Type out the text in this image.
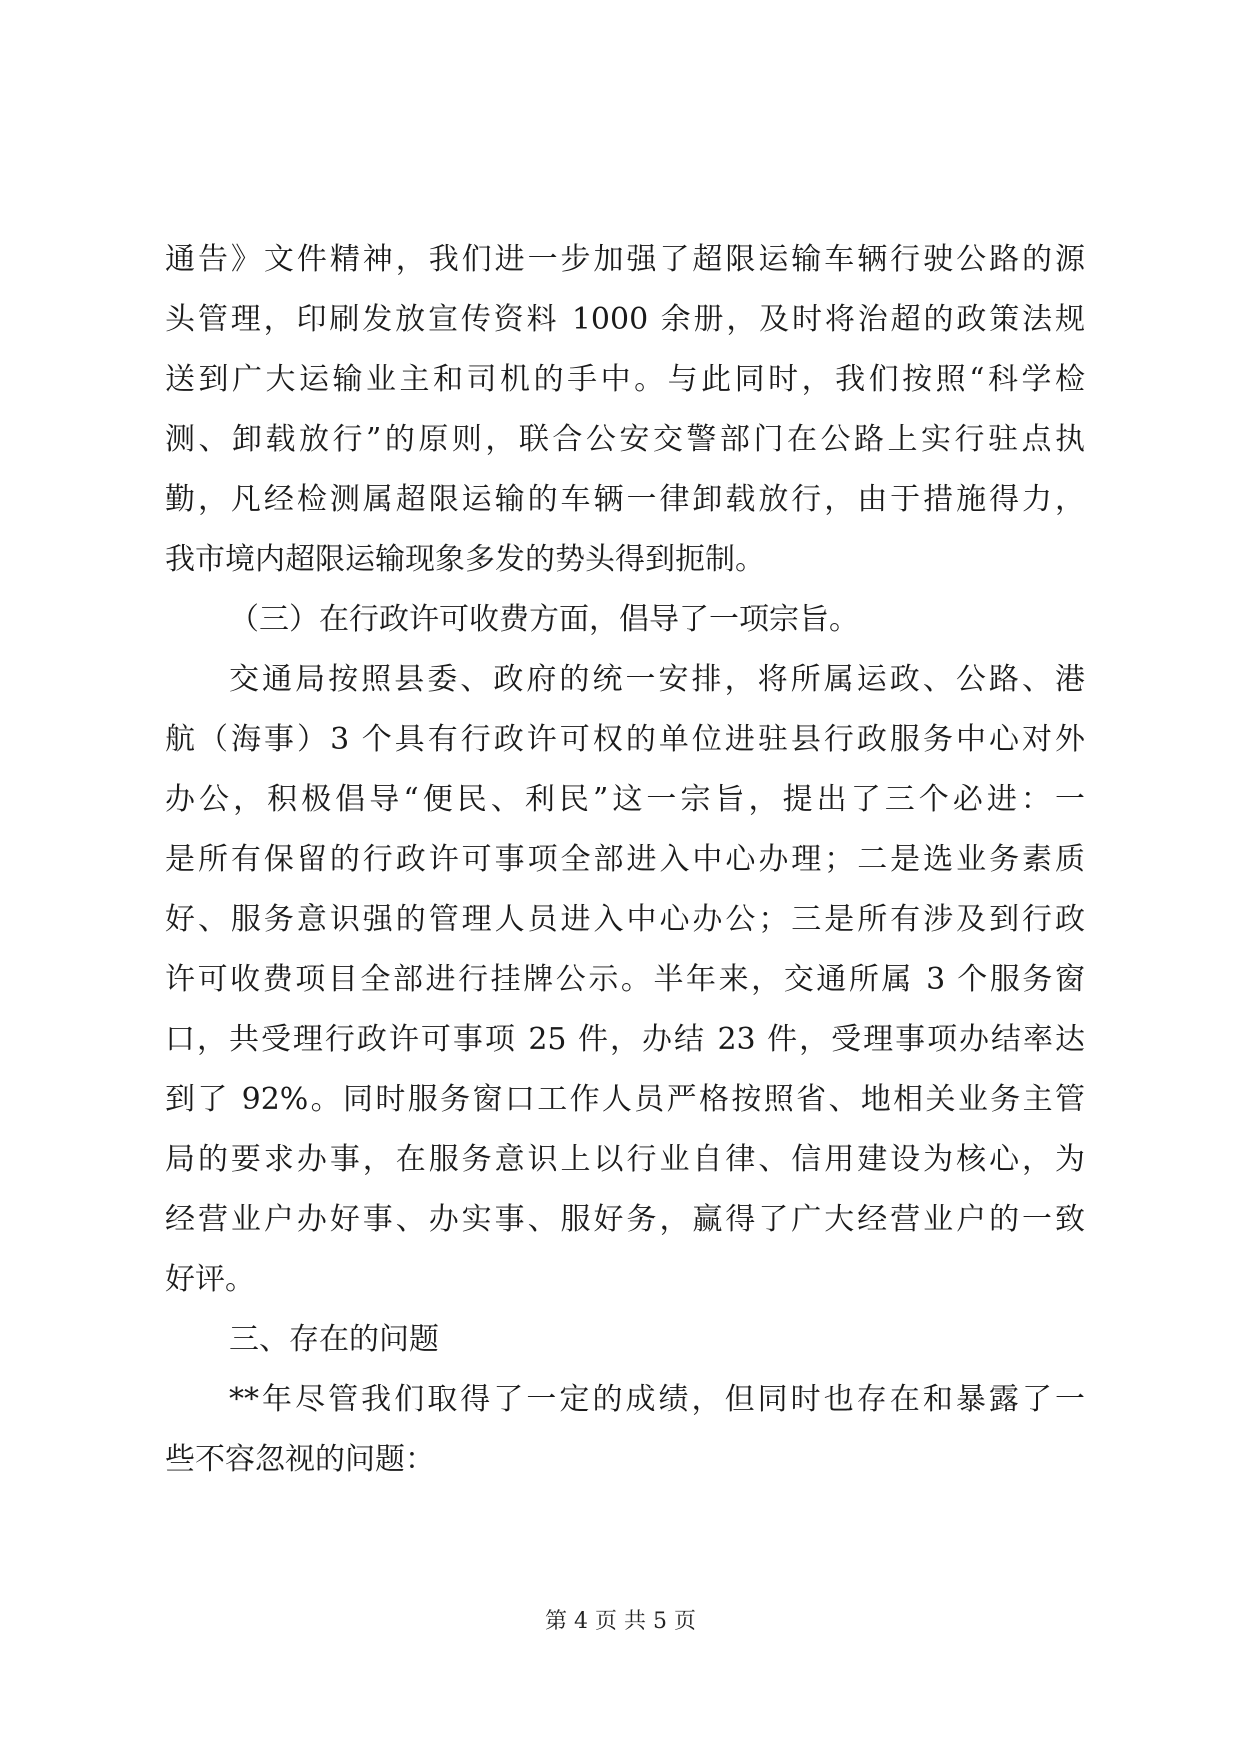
通告》文件精神，我们进一步加强了超限运输车辆行驶公路的源
头管理，印刷发放宣传资料 1000 余册，及时将治超的政策法规
送到广大运输业主和司机的手中。与此同时，我们按照“科学检
测、卸载放行”的原则，联合公安交警部门在公路上实行驻点执
勤，凡经检测属超限运输的车辆一律卸载放行，由于措施得力，
我市境内超限运输现象多发的势头得到扼制。
（三）在行政许可收费方面，倡导了一项宗旨。
交通局按照县委、政府的统一安排，将所属运政、公路、港
航（海事）3 个具有行政许可权的单位进驻县行政服务中心对外
办公，积极倡导“便民、利民”这一宗旨，提出了三个必进：一
是所有保留的行政许可事项全部进入中心办理；二是选业务素质
好、服务意识强的管理人员进入中心办公；三是所有涉及到行政
许可收费项目全部进行挂牌公示。半年来，交通所属 3 个服务窗
口，共受理行政许可事项 25 件，办结 23 件，受理事项办结率达
到了 92%。同时服务窗口工作人员严格按照省、地相关业务主管
局的要求办事，在服务意识上以行业自律、信用建设为核心，为
经营业户办好事、办实事、服好务，赢得了广大经营业户的一致
好评。
三、存在的问题
**年尽管我们取得了一定的成绩，但同时也存在和暴露了一
些不容忽视的问题：
第 4 页 共 5 页
